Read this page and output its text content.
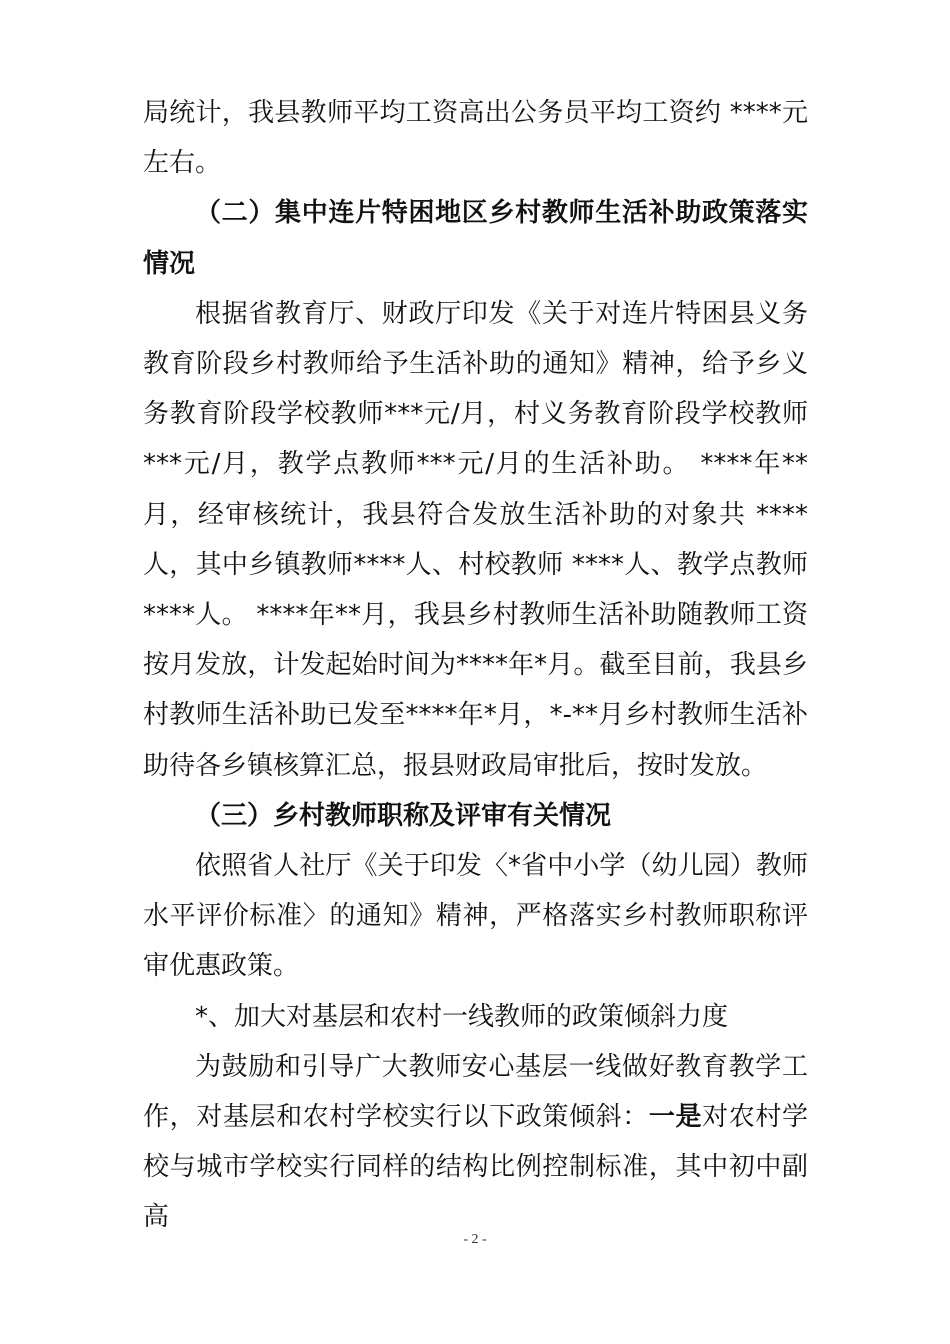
局统计，我县教师平均工资高出公务员平均工资约 ****元左右。

（二）集中连片特困地区乡村教师生活补助政策落实情况

根据省教育厅、财政厅印发《关于对连片特困县义务教育阶段乡村教师给予生活补助的通知》精神，给予乡义务教育阶段学校教师***元/月，村义务教育阶段学校教师 ***元/月，教学点教师***元/月的生活补助。 ****年**月，经审核统计，我县符合发放生活补助的对象共 ****人，其中乡镇教师****人、村校教师 ****人、教学点教师 ****人。 ****年**月，我县乡村教师生活补助随教师工资按月发放，计发起始时间为****年*月。截至目前，我县乡村教师生活补助已发至****年*月，*-**月乡村教师生活补助待各乡镇核算汇总，报县财政局审批后，按时发放。

（三）乡村教师职称及评审有关情况

依照省人社厅《关于印发〈*省中小学（幼儿园）教师水平评价标准〉的通知》精神，严格落实乡村教师职称评审优惠政策。

*、加大对基层和农村一线教师的政策倾斜力度

为鼓励和引导广大教师安心基层一线做好教育教学工作，对基层和农村学校实行以下政策倾斜：一是对农村学校与城市学校实行同样的结构比例控制标准，其中初中副高

- 2 -
